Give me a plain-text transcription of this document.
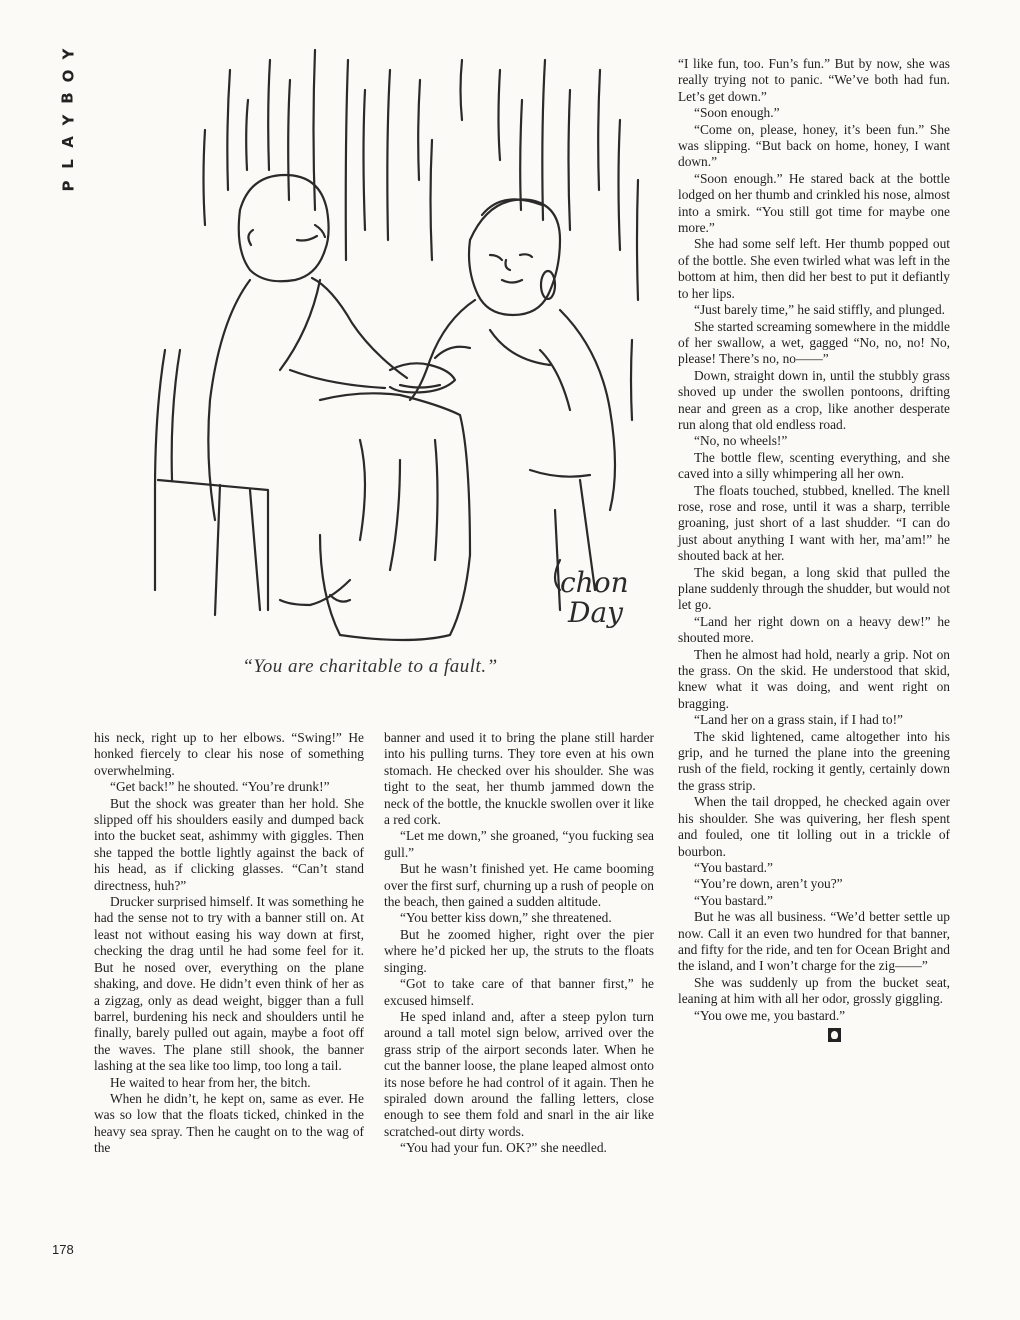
Y
O
B
Y
A
L
P
chon
Day
“You are charitable to a fault.”

his neck, right up to her elbows. “Swing!” He honked fiercely to clear his nose of something overwhelming.

“Get back!” he shouted. “You’re drunk!”

But the shock was greater than her hold. She slipped off his shoulders easily and dumped back into the bucket seat, ashimmy with giggles. Then she tapped the bottle lightly against the back of his head, as if clicking glasses. “Can’t stand directness, huh?”

Drucker surprised himself. It was something he had the sense not to try with a banner still on. At least not without easing his way down at first, checking the drag until he had some feel for it. But he nosed over, everything on the plane shaking, and dove. He didn’t even think of her as a zigzag, only as dead weight, bigger than a full barrel, burdening his neck and shoulders until he finally, barely pulled out again, maybe a foot off the waves. The plane still shook, the banner lashing at the sea like too limp, too long a tail.

He waited to hear from her, the bitch.

When he didn’t, he kept on, same as ever. He was so low that the floats ticked, chinked in the heavy sea spray. Then he caught on to the wag of the

banner and used it to bring the plane still harder into his pulling turns. They tore even at his own stomach. He checked over his shoulder. She was tight to the seat, her thumb jammed down the neck of the bottle, the knuckle swollen over it like a red cork.

“Let me down,” she groaned, “you fucking sea gull.”

But he wasn’t finished yet. He came booming over the first surf, churning up a rush of people on the beach, then gained a sudden altitude.

“You better kiss down,” she threatened.

But he zoomed higher, right over the pier where he’d picked her up, the struts to the floats singing.

“Got to take care of that banner first,” he excused himself.

He sped inland and, after a steep pylon turn around a tall motel sign below, arrived over the grass strip of the airport seconds later. When he cut the banner loose, the plane leaped almost onto its nose before he had control of it again. Then he spiraled down around the falling letters, close enough to see them fold and snarl in the air like scratched-out dirty words.

“You had your fun. OK?” she needled.

“I like fun, too. Fun’s fun.” But by now, she was really trying not to panic. “We’ve both had fun. Let’s get down.”

“Soon enough.”

“Come on, please, honey, it’s been fun.” She was slipping. “But back on home, honey, I want down.”

“Soon enough.” He stared back at the bottle lodged on her thumb and crinkled his nose, almost into a smirk. “You still got time for maybe one more.”

She had some self left. Her thumb popped out of the bottle. She even twirled what was left in the bottom at him, then did her best to put it defiantly to her lips.

“Just barely time,” he said stiffly, and plunged.

She started screaming somewhere in the middle of her swallow, a wet, gagged “No, no, no! No, please! There’s no, no——”

Down, straight down in, until the stubbly grass shoved up under the swollen pontoons, drifting near and green as a crop, like another desperate run along that old endless road.

“No, no wheels!”

The bottle flew, scenting everything, and she caved into a silly whimpering all her own.

The floats touched, stubbed, knelled. The knell rose, rose and rose, until it was a sharp, terrible groaning, just short of a last shudder. “I can do just about anything I want with her, ma’am!” he shouted back at her.

The skid began, a long skid that pulled the plane suddenly through the shudder, but would not let go.

“Land her right down on a heavy dew!” he shouted more.

Then he almost had hold, nearly a grip. Not on the grass. On the skid. He understood that skid, knew what it was doing, and went right on bragging.

“Land her on a grass stain, if I had to!”

The skid lightened, came altogether into his grip, and he turned the plane into the greening rush of the field, rocking it gently, certainly down the grass strip.

When the tail dropped, he checked again over his shoulder. She was quivering, her flesh spent and fouled, one tit lolling out in a trickle of bourbon.

“You bastard.”

“You’re down, aren’t you?”

“You bastard.”

But he was all business. “We’d better settle up now. Call it an even two hundred for that banner, and fifty for the ride, and ten for Ocean Bright and the island, and I won’t charge for the zig——”

She was suddenly up from the bucket seat, leaning at him with all her odor, grossly giggling.

“You owe me, you bastard.”

178
